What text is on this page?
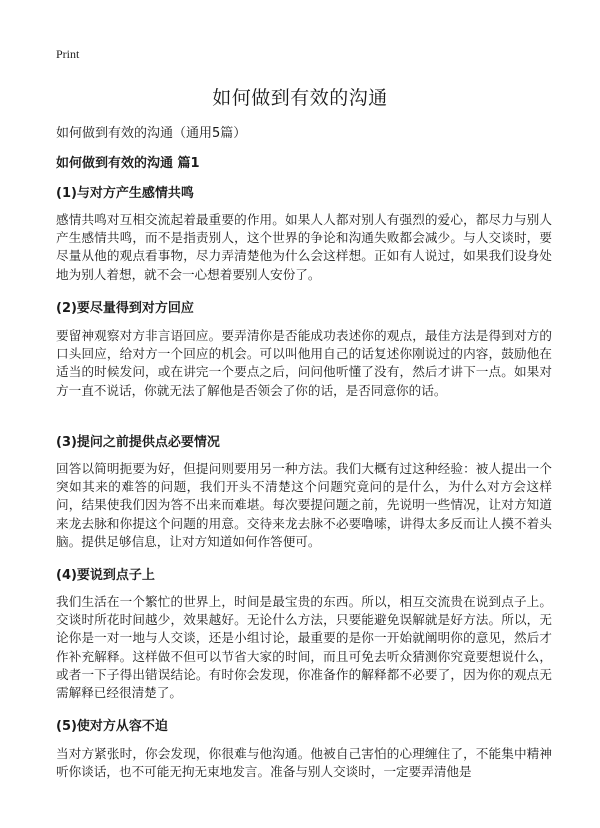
Print
如何做到有效的沟通

如何做到有效的沟通（通用5篇）

如何做到有效的沟通 篇1
(1)与对方产生感情共鸣

感情共鸣对互相交流起着最重要的作用。如果人人都对别人有强烈的爱心，都尽力与别人产生感情共鸣，而不是指责别人，这个世界的争论和沟通失败都会减少。与人交谈时，要尽量从他的观点看事物，尽力弄清楚他为什么会这样想。正如有人说过，如果我们设身处地为别人着想，就不会一心想着要别人安份了。

(2)要尽量得到对方回应

要留神观察对方非言语回应。要弄清你是否能成功表述你的观点，最佳方法是得到对方的口头回应，给对方一个回应的机会。可以叫他用自己的话复述你刚说过的内容，鼓励他在适当的时候发问，或在讲完一个要点之后，问问他听懂了没有，然后才讲下一点。如果对方一直不说话，你就无法了解他是否领会了你的话，是否同意你的话。

(3)提问之前提供点必要情况

回答以简明扼要为好，但提问则要用另一种方法。我们大概有过这种经验：被人提出一个突如其来的难答的问题，我们开头不清楚这个问题究竟问的是什么，为什么对方会这样问，结果使我们因为答不出来而难堪。每次要提问题之前，先说明一些情况，让对方知道来龙去脉和你提这个问题的用意。交待来龙去脉不必要噜嗦，讲得太多反而让人摸不着头脑。提供足够信息，让对方知道如何作答便可。

(4)要说到点子上

我们生活在一个繁忙的世界上，时间是最宝贵的东西。所以，相互交流贵在说到点子上。交谈时所花时间越少，效果越好。无论什么方法，只要能避免误解就是好方法。所以，无论你是一对一地与人交谈，还是小组讨论，最重要的是你一开始就阐明你的意见，然后才作补充解释。这样做不但可以节省大家的时间，而且可免去听众猜测你究竟要想说什么，或者一下子得出错误结论。有时你会发现，你准备作的解释都不必要了，因为你的观点无需解释已经很清楚了。

(5)使对方从容不迫

当对方紧张时，你会发现，你很难与他沟通。他被自己害怕的心理缠住了，不能集中精神听你谈话，也不可能无拘无束地发言。准备与别人交谈时，一定要弄清他是
